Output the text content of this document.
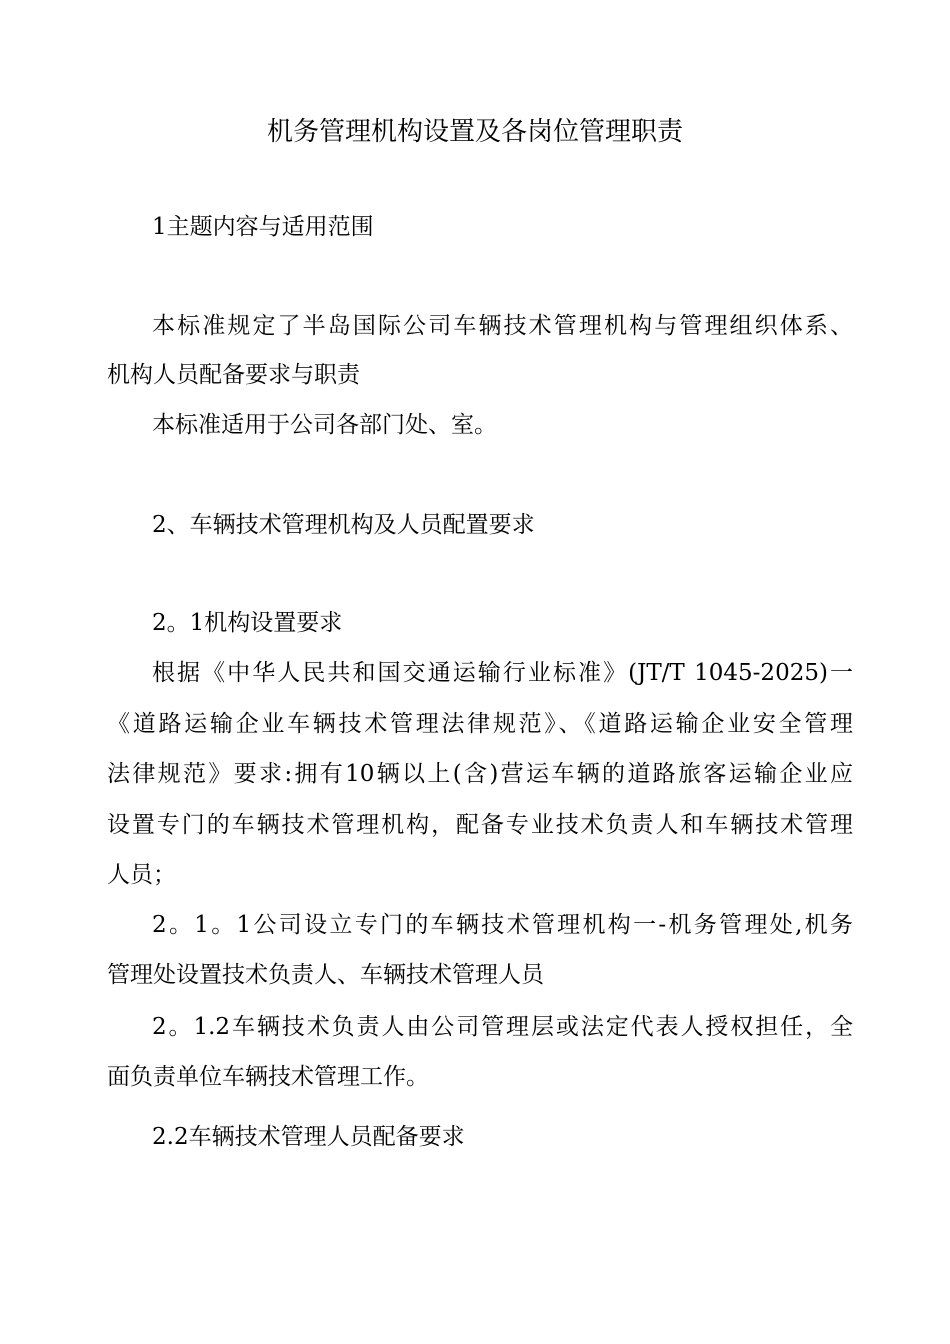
机务管理机构设置及各岗位管理职责
1主题内容与适用范围
本标准规定了半岛国际公司车辆技术管理机构与管理组织体系、
机构人员配备要求与职责
本标准适用于公司各部门处、室。
2、车辆技术管理机构及人员配置要求
2。1机构设置要求
根据《中华人民共和国交通运输行业标准》(JT/T 1045-2025)一
《道路运输企业车辆技术管理法律规范》、《道路运输企业安全管理
法律规范》要求:拥有10辆以上(含)营运车辆的道路旅客运输企业应
设置专门的车辆技术管理机构，配备专业技术负责人和车辆技术管理
人员；
2。1。1公司设立专门的车辆技术管理机构一-机务管理处,机务
管理处设置技术负责人、车辆技术管理人员
2。1.2车辆技术负责人由公司管理层或法定代表人授权担任，全
面负责单位车辆技术管理工作。
2.2车辆技术管理人员配备要求
